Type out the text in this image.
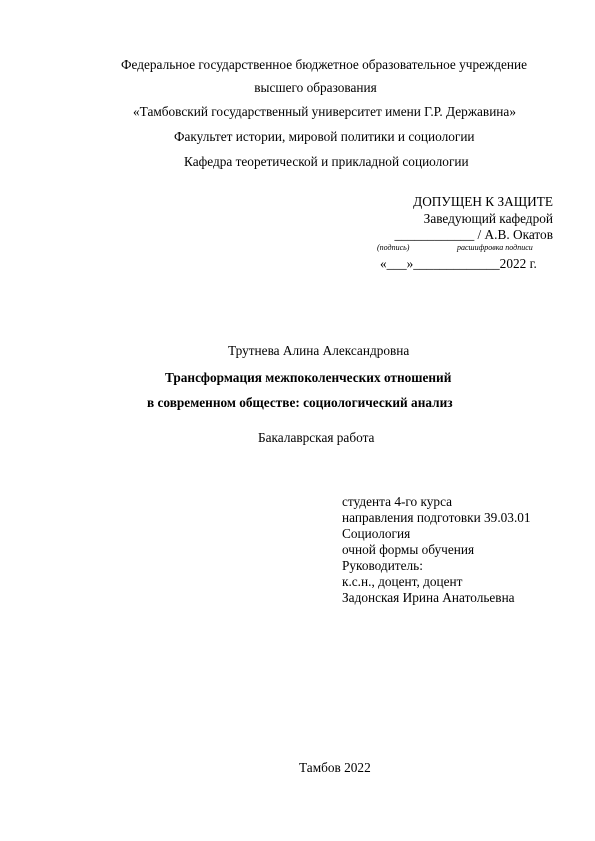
Федеральное государственное бюджетное образовательное учреждение
высшего образования
«Тамбовский государственный университет имени Г.Р. Державина»
Факультет истории, мировой политики и социологии
Кафедра теоретической и прикладной социологии
ДОПУЩЕН К ЗАЩИТЕ
Заведующий кафедрой
____________ / А.В. Окатов
(подпись)	расшифровка подписи
«___»_____________2022 г.
Трутнева Алина Александровна
Трансформация межпоколенческих отношений
в современном обществе: социологический анализ
Бакалаврская работа
студента 4-го курса
направления подготовки 39.03.01
Социология
очной формы обучения
Руководитель:
к.с.н., доцент, доцент
Задонская Ирина Анатольевна
Тамбов 2022
